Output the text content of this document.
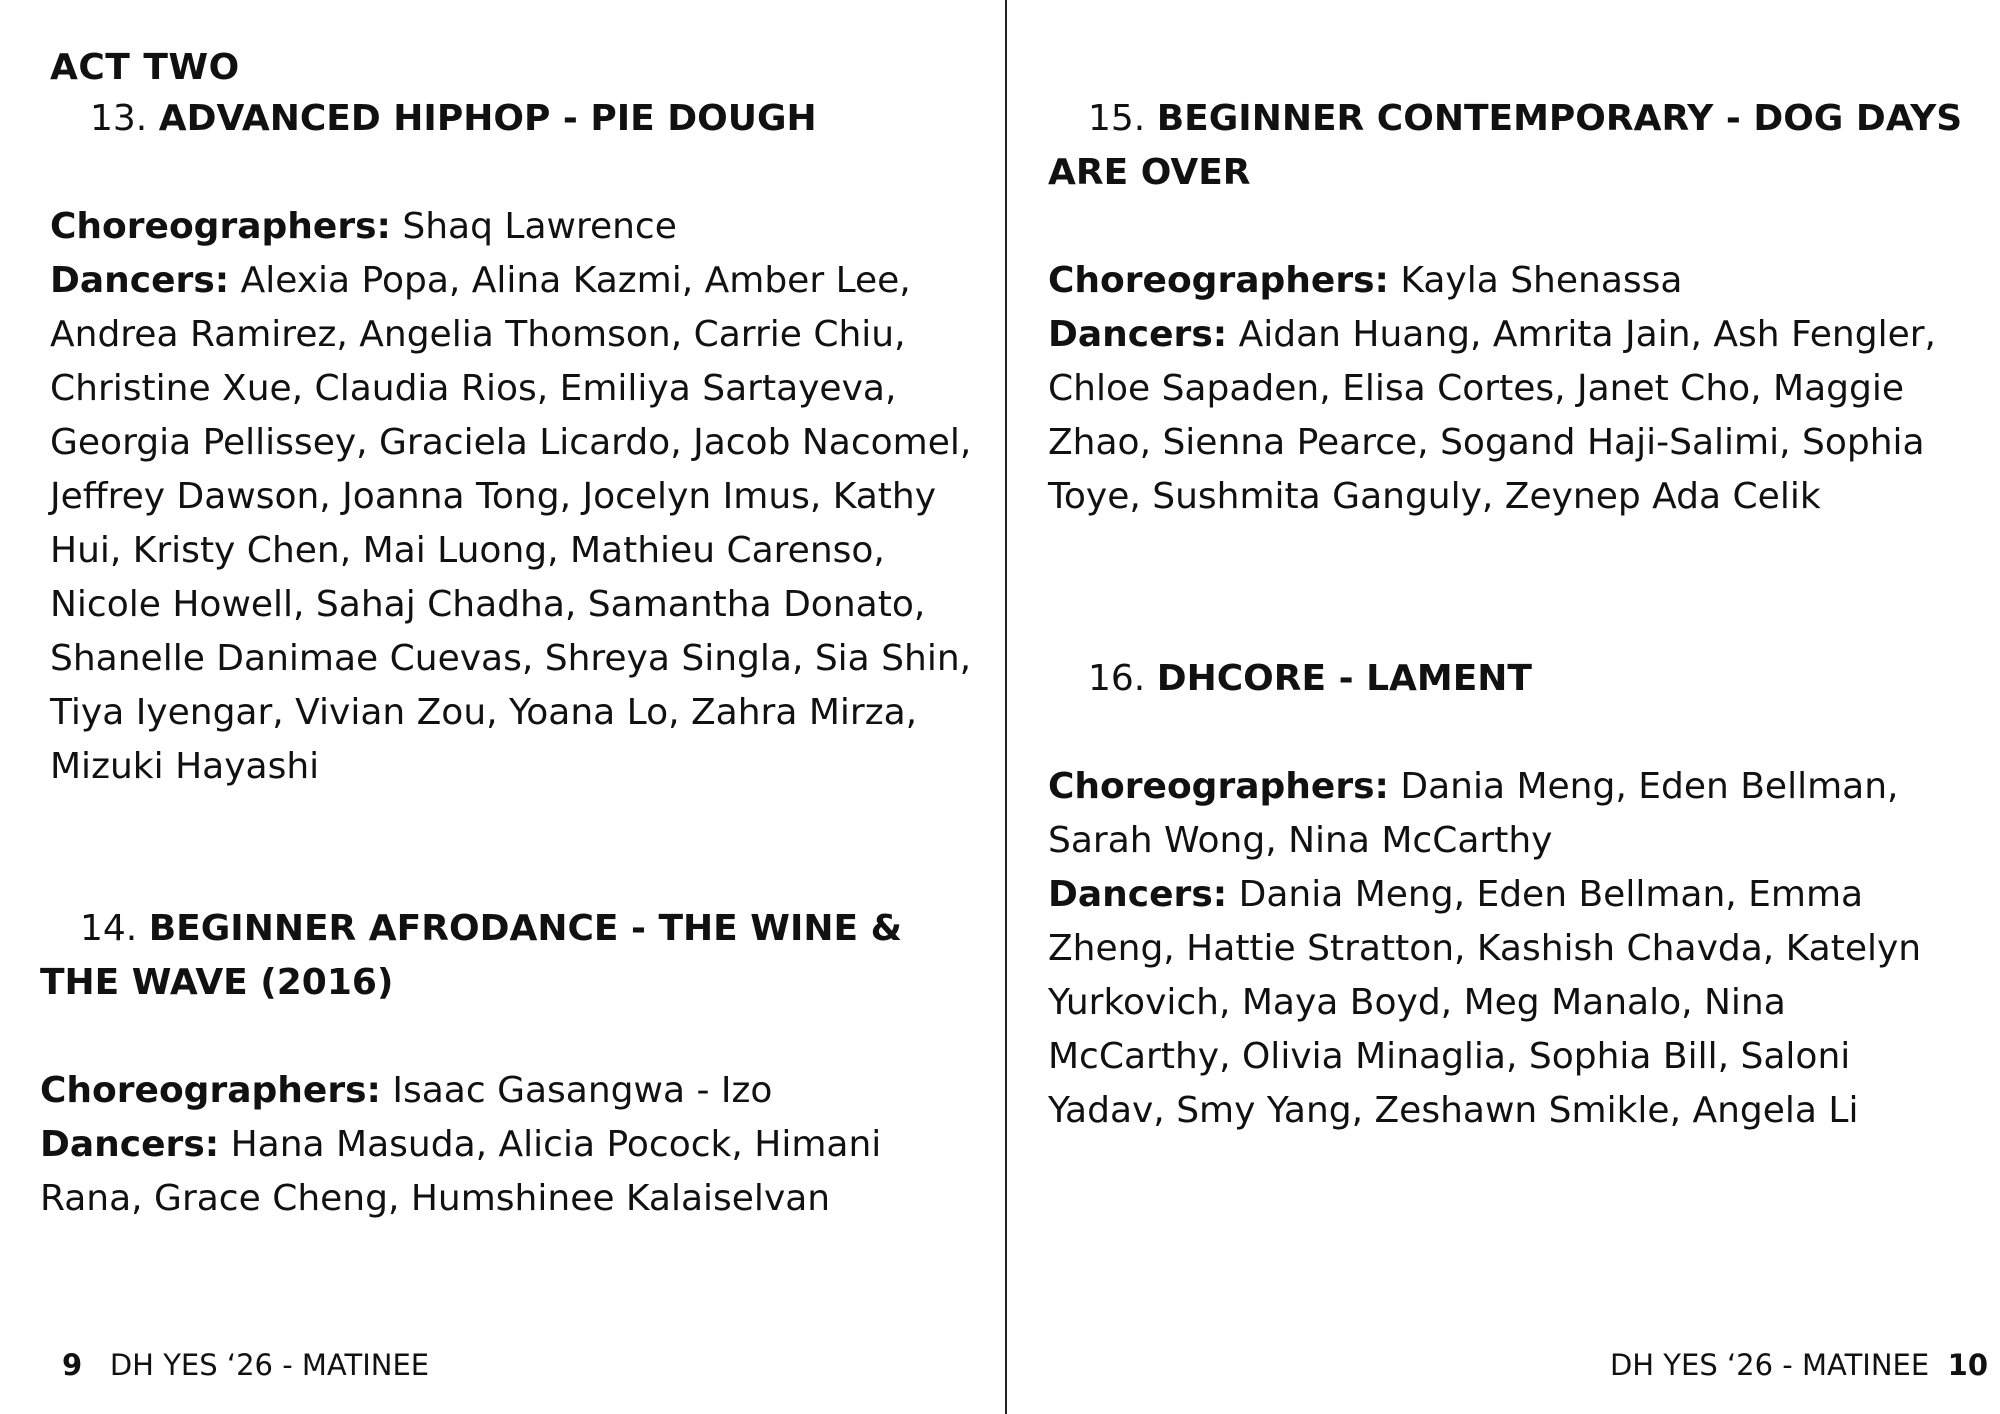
ACT TWO

13. ADVANCED HIPHOP - PIE DOUGH

Choreographers: Shaq Lawrence

Dancers: Alexia Popa, Alina Kazmi, Amber Lee, Andrea Ramirez, Angelia Thomson, Carrie Chiu, Christine Xue, Claudia Rios, Emiliya Sartayeva, Georgia Pellissey, Graciela Licardo, Jacob Nacomel, Jeffrey Dawson, Joanna Tong, Jocelyn Imus, Kathy Hui, Kristy Chen, Mai Luong, Mathieu Carenso, Nicole Howell, Sahaj Chadha, Samantha Donato, Shanelle Danimae Cuevas, Shreya Singla, Sia Shin, Tiya Iyengar, Vivian Zou, Yoana Lo, Zahra Mirza, Mizuki Hayashi

14. BEGINNER AFRODANCE - THE WINE & THE WAVE (2016)

Choreographers: Isaac Gasangwa - Izo

Dancers: Hana Masuda, Alicia Pocock, Himani Rana, Grace Cheng, Humshinee Kalaiselvan

9 DH YES ‘26 - MATINEE

15. BEGINNER CONTEMPORARY - DOG DAYS ARE OVER

Choreographers: Kayla Shenassa

Dancers: Aidan Huang, Amrita Jain, Ash Fengler, Chloe Sapaden, Elisa Cortes, Janet Cho, Maggie Zhao, Sienna Pearce, Sogand Haji-Salimi, Sophia Toye, Sushmita Ganguly, Zeynep Ada Celik

16. DHCORE - LAMENT

Choreographers: Dania Meng, Eden Bellman, Sarah Wong, Nina McCarthy

Dancers: Dania Meng, Eden Bellman, Emma Zheng, Hattie Stratton, Kashish Chavda, Katelyn Yurkovich, Maya Boyd, Meg Manalo, Nina McCarthy, Olivia Minaglia, Sophia Bill, Saloni Yadav, Smy Yang, Zeshawn Smikle, Angela Li

DH YES ‘26 - MATINEE 10
